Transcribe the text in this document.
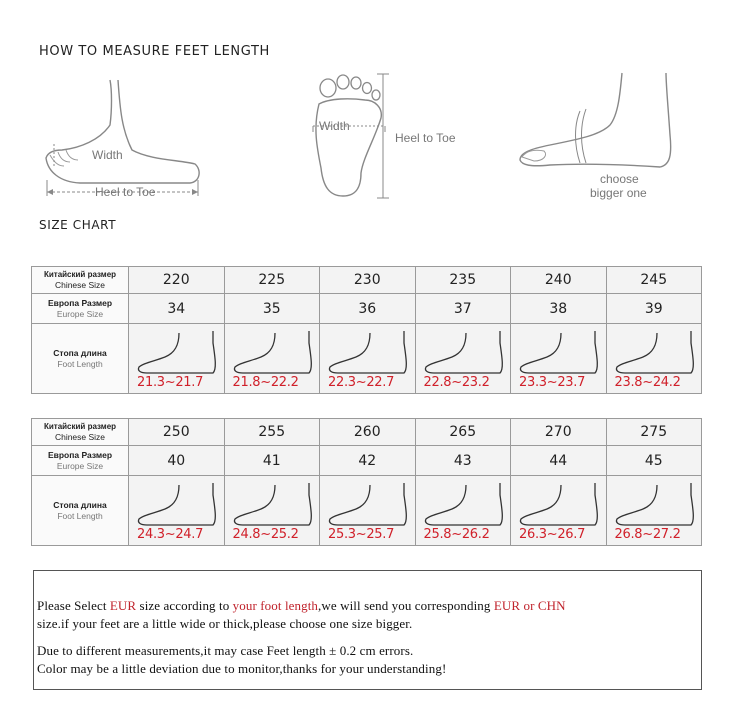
HOW TO MEASURE FEET LENGTH
Width
Heel to Toe
Width
Heel to Toe
choose
bigger one
SIZE CHART
Китайский размер
Chinese Size	220	225	230	235	240	245

Европа Размер
Europe Size	34	35	36	37	38	39

Стопа длина
Foot Length	21.3~21.7	21.8~22.2	22.3~22.7	22.8~23.2	23.3~23.7	23.8~24.2
Китайский размер
Chinese Size	250	255	260	265	270	275

Европа Размер
Europe Size	40	41	42	43	44	45

Стопа длина
Foot Length	24.3~24.7	24.8~25.2	25.3~25.7	25.8~26.2	26.3~26.7	26.8~27.2
Please Select EUR size according to your foot length,we will send you corresponding EUR or CHN
size.if your feet are a little wide or thick,please choose one size bigger.
Due to different measurements,it may case Feet length ± 0.2 cm errors.
Color may be a little deviation due to monitor,thanks for your understanding!
